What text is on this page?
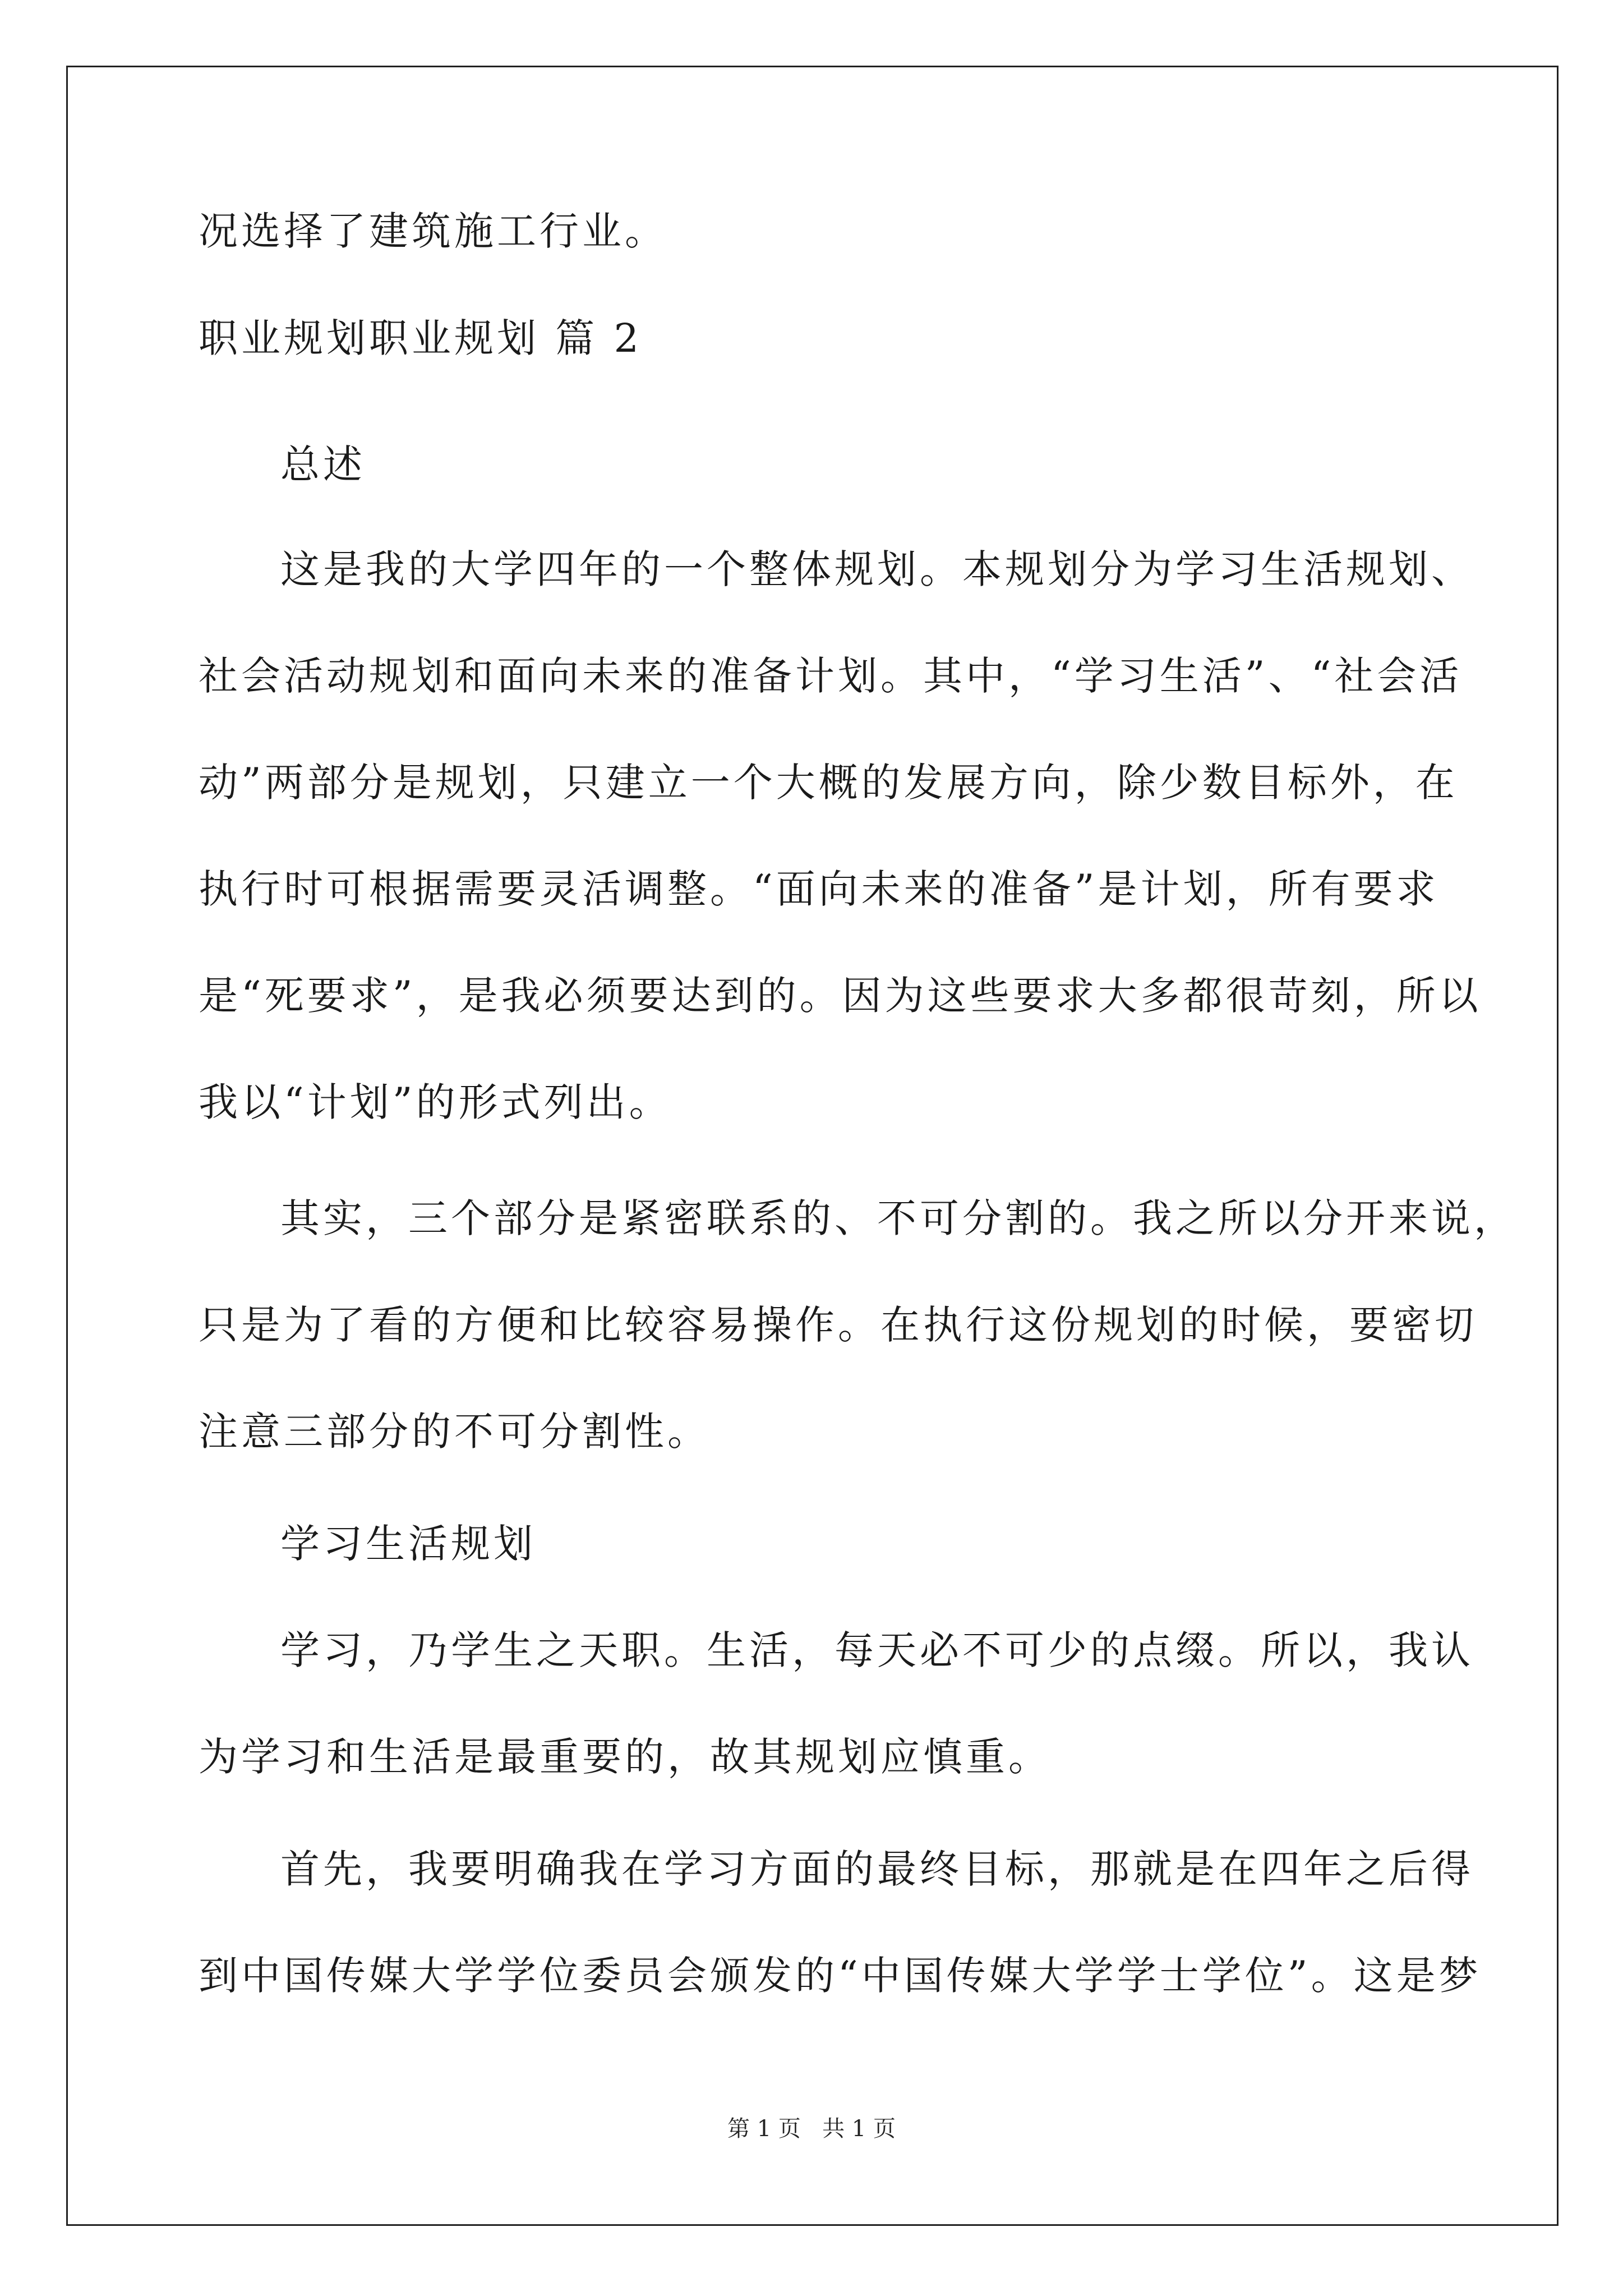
况选择了建筑施工行业。
职业规划职业规划 篇 2
总述
这是我的大学四年的一个整体规划。本规划分为学习生活规划、
社会活动规划和面向未来的准备计划。其中，“学习生活”、“社会活
动”两部分是规划，只建立一个大概的发展方向，除少数目标外，在
执行时可根据需要灵活调整。“面向未来的准备”是计划，所有要求
是“死要求”，是我必须要达到的。因为这些要求大多都很苛刻，所以
我以“计划”的形式列出。
其实，三个部分是紧密联系的、不可分割的。我之所以分开来说，
只是为了看的方便和比较容易操作。在执行这份规划的时候，要密切
注意三部分的不可分割性。
学习生活规划
学习，乃学生之天职。生活，每天必不可少的点缀。所以，我认
为学习和生活是最重要的，故其规划应慎重。
首先，我要明确我在学习方面的最终目标，那就是在四年之后得
到中国传媒大学学位委员会颁发的“中国传媒大学学士学位”。这是梦
第 1 页 共 1 页
